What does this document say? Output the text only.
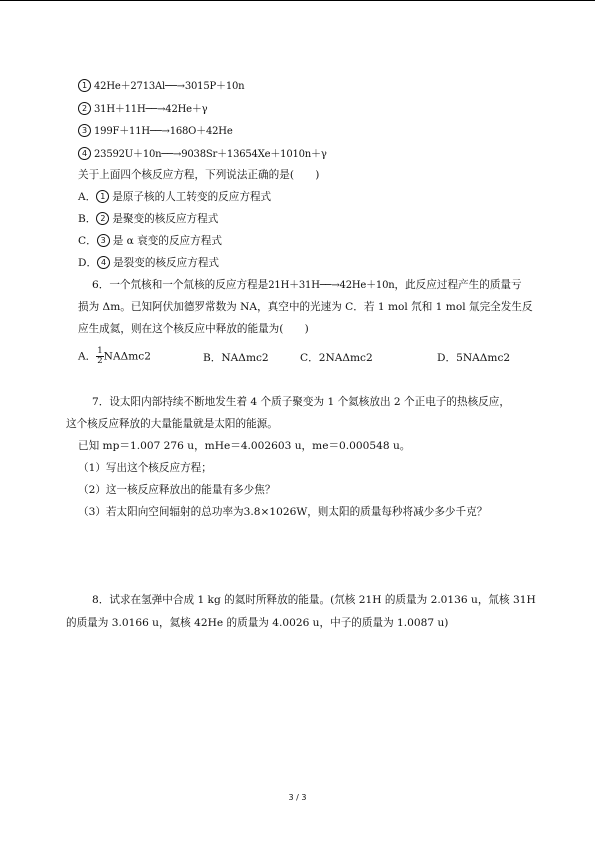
1 42He＋2713Al──→3015P＋10n
2 31H＋11H──→42He＋γ
3 199F＋11H──→168O＋42He
4 23592U＋10n──→9038Sr＋13654Xe＋1010n＋γ
关于上面四个核反应方程，下列说法正确的是(　　)
A． 1 是原子核的人工转变的反应方程式
B． 2 是聚变的核反应方程式
C． 3 是 α 衰变的反应方程式
D． 4 是裂变的核反应方程式
6．一个氘核和一个氚核的反应方程是21H＋31H──→42He＋10n，此反应过程产生的质量亏
损为 Δm。已知阿伏加德罗常数为 NA，真空中的光速为 C．若 1 mol 氘和 1 mol 氚完全发生反
应生成氦，则在这个核反应中释放的能量为(　　)
A． $\frac{1}{2} NA\Delta mc2$	B．NAΔmc2	C．2NAΔmc2	D．5NAΔmc2
7．设太阳内部持续不断地发生着 4 个质子聚变为 1 个氦核放出 2 个正电子的热核反应，
这个核反应释放的大量能量就是太阳的能源。
已知 mp＝1.007 276 u，mHe＝4.002603 u，me＝0.000548 u。
（1）写出这个核反应方程；
（2）这一核反应释放出的能量有多少焦？
（3）若太阳向空间辐射的总功率为3.8×1026W，则太阳的质量每秒将减少多少千克？
8．试求在氢弹中合成 1 kg 的氦时所释放的能量。(氘核 21H 的质量为 2.0136 u，氚核 31H
的质量为 3.0166 u，氦核 42He 的质量为 4.0026 u，中子的质量为 1.0087 u)
3 / 3
